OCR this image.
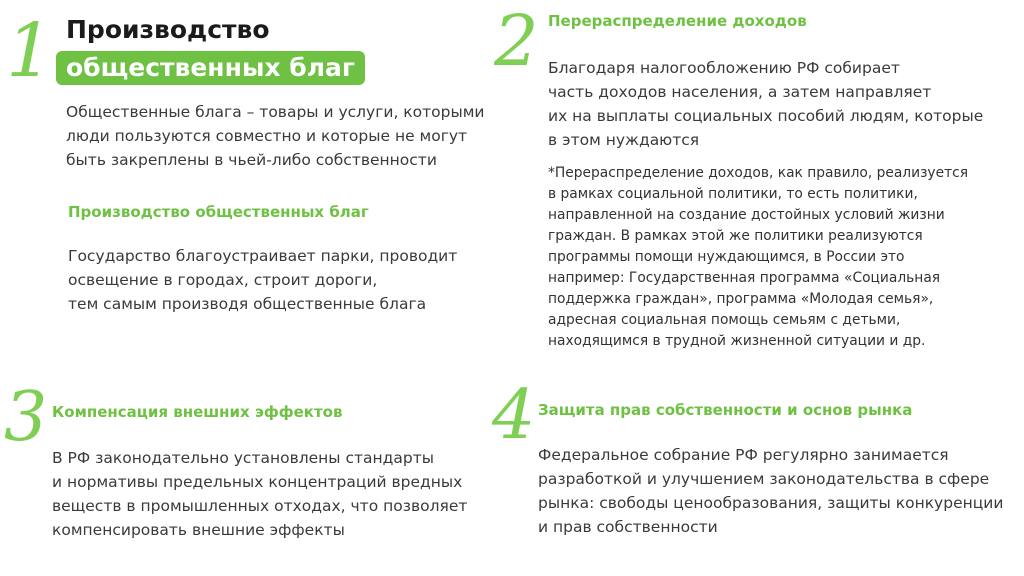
1 Производство
общественных благ

Общественные блага – товары и услуги, которыми
люди пользуются совместно и которые не могут
быть закреплены в чьей-либо собственности

Производство общественных благ

Государство благоустраивает парки, проводит
освещение в городах, строит дороги,
тем самым производя общественные блага

2 Перераспределение доходов

Благодаря налогообложению РФ собирает
часть доходов населения, а затем направляет
их на выплаты социальных пособий людям, которые
в этом нуждаются

*Перераспределение доходов, как правило, реализуется
в рамках социальной политики, то есть политики,
направленной на создание достойных условий жизни
граждан. В рамках этой же политики реализуются
программы помощи нуждающимся, в России это
например: Государственная программа «Социальная
поддержка граждан», программа «Молодая семья»,
адресная социальная помощь семьям с детьми,
находящимся в трудной жизненной ситуации и др.

3 Компенсация внешних эффектов

В РФ законодательно установлены стандарты
и нормативы предельных концентраций вредных
веществ в промышленных отходах, что позволяет
компенсировать внешние эффекты

4 Защита прав собственности и основ рынка

Федеральное собрание РФ регулярно занимается
разработкой и улучшением законодательства в сфере
рынка: свободы ценообразования, защиты конкуренции
и прав собственности
